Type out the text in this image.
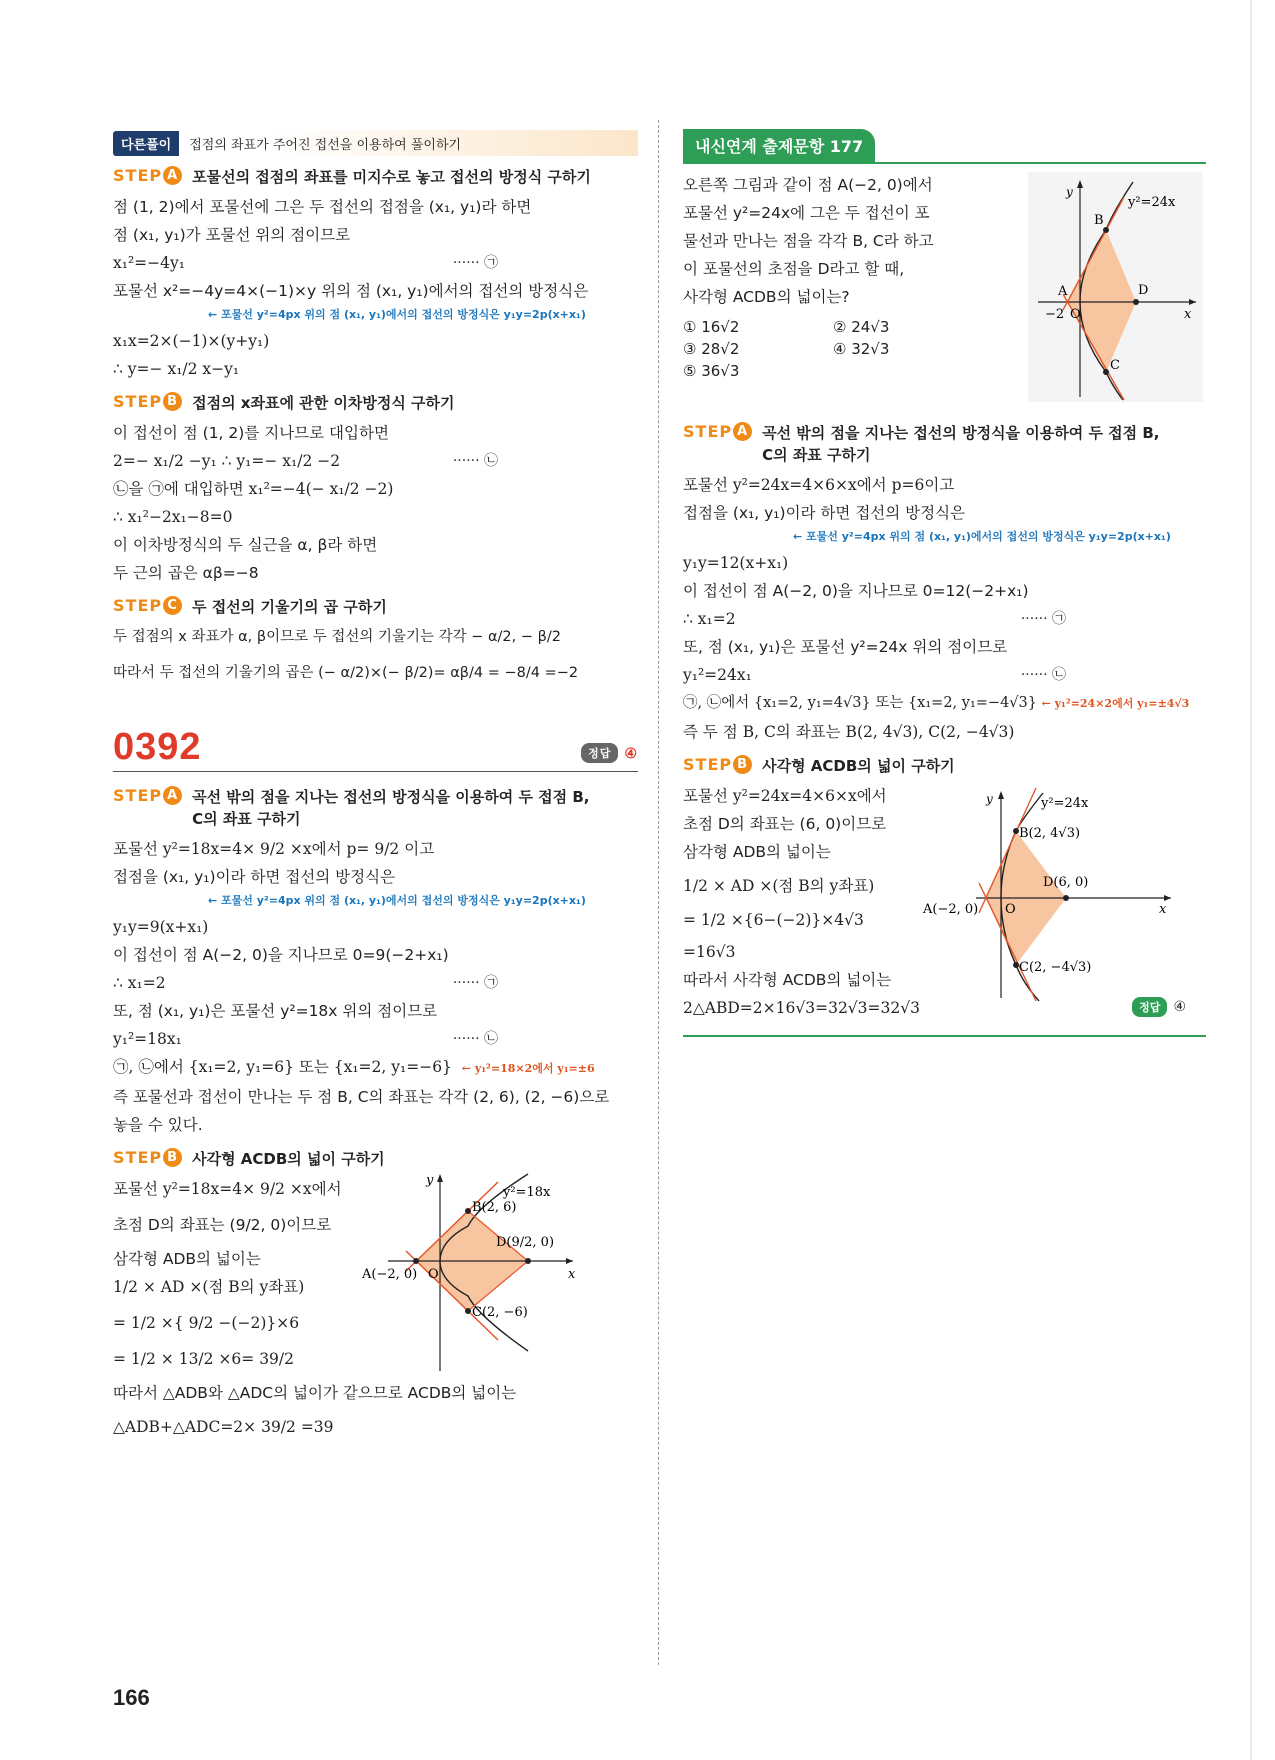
다른풀이	접점의 좌표가 주어진 접선을 이용하여 풀이하기
STEP A 포물선의 접점의 좌표를 미지수로 놓고 접선의 방정식 구하기
점 (1, 2)에서 포물선에 그은 두 접선의 접점을 (x₁, y₁)라 하면
점 (x₁, y₁)가 포물선 위의 점이므로
x₁²=−4y₁	······ ㉠
포물선 x²=−4y=4×(−1)×y 위의 점 (x₁, y₁)에서의 접선의 방정식은
← 포물선 y²=4px 위의 점 (x₁, y₁)에서의 접선의 방정식은 y₁y=2p(x+x₁)
x₁x=2×(−1)×(y+y₁)
∴ y=− x₁/2 x−y₁
STEP B 접점의 x좌표에 관한 이차방정식 구하기
이 접선이 점 (1, 2)를 지나므로 대입하면
2=− x₁/2 −y₁ ∴ y₁=− x₁/2 −2	······ ㉡
㉡을 ㉠에 대입하면 x₁²=−4(− x₁/2 −2)
∴ x₁²−2x₁−8=0
이 이차방정식의 두 실근을 α, β라 하면
두 근의 곱은 αβ=−8
STEP C 두 접선의 기울기의 곱 구하기
두 접점의 x 좌표가 α, β이므로 두 접선의 기울기는 각각 − α/2, − β/2
따라서 두 접선의 기울기의 곱은 (− α/2)×(− β/2)= αβ/4 = −8/4 =−2
0392	정답 ④
STEP A 곡선 밖의 점을 지나는 접선의 방정식을 이용하여 두 접점 B, C의 좌표 구하기
포물선 y²=18x=4× 9/2 ×x에서 p= 9/2 이고
접점을 (x₁, y₁)이라 하면 접선의 방정식은
← 포물선 y²=4px 위의 점 (x₁, y₁)에서의 접선의 방정식은 y₁y=2p(x+x₁)
y₁y=9(x+x₁)
이 접선이 점 A(−2, 0)을 지나므로 0=9(−2+x₁)
∴ x₁=2	······ ㉠
또, 점 (x₁, y₁)은 포물선 y²=18x 위의 점이므로
y₁²=18x₁	······ ㉡
㉠, ㉡에서 {x₁=2, y₁=6} 또는 {x₁=2, y₁=−6} ← y₁²=18×2에서 y₁=±6
즉 포물선과 접선이 만나는 두 점 B, C의 좌표는 각각 (2, 6), (2, −6)으로
놓을 수 있다.
STEP B 사각형 ACDB의 넓이 구하기
포물선 y²=18x=4× 9/2 ×x에서
초점 D의 좌표는 (9/2, 0)이므로
삼각형 ADB의 넓이는
1/2 × AD ×(점 B의 y좌표)
= 1/2 ×{ 9/2 −(−2)}×6
= 1/2 × 13/2 ×6= 39/2
y²=18x
y
x
A(−2, 0) O
B(2, 6)
C(2, −6)
D(9/2, 0)
따라서 △ADB와 △ADC의 넓이가 같으므로 ACDB의 넓이는
△ADB+△ADC=2× 39/2 =39
내신연계 출제문항 177
오른쪽 그림과 같이 점 A(−2, 0)에서
포물선 y²=24x에 그은 두 접선이 포
물선과 만나는 점을 각각 B, C라 하고
이 포물선의 초점을 D라고 할 때,
사각형 ACDB의 넓이는?
① 16√2	② 24√3
③ 28√2	④ 32√3
⑤ 36√3
y²=24x
y
x
A
−2 O
B
C
D
STEP A 곡선 밖의 점을 지나는 접선의 방정식을 이용하여 두 접점 B, C의 좌표 구하기
포물선 y²=24x=4×6×x에서 p=6이고
접점을 (x₁, y₁)이라 하면 접선의 방정식은
← 포물선 y²=4px 위의 점 (x₁, y₁)에서의 접선의 방정식은 y₁y=2p(x+x₁)
y₁y=12(x+x₁)
이 접선이 점 A(−2, 0)을 지나므로 0=12(−2+x₁)
∴ x₁=2	······ ㉠
또, 점 (x₁, y₁)은 포물선 y²=24x 위의 점이므로
y₁²=24x₁	······ ㉡
㉠, ㉡에서 {x₁=2, y₁=4√3} 또는 {x₁=2, y₁=−4√3} ← y₁²=24×2에서 y₁=±4√3
즉 두 점 B, C의 좌표는 B(2, 4√3), C(2, −4√3)
STEP B 사각형 ACDB의 넓이 구하기
포물선 y²=24x=4×6×x에서
초점 D의 좌표는 (6, 0)이므로
삼각형 ADB의 넓이는
1/2 × AD ×(점 B의 y좌표)
= 1/2 ×{6−(−2)}×4√3
=16√3
따라서 사각형 ACDB의 넓이는
2△ABD=2×16√3=32√3=32√3
y²=24x
y
x
A(−2, 0) O
B(2, 4√3)
C(2, −4√3)
D(6, 0)
정답 ④
166
